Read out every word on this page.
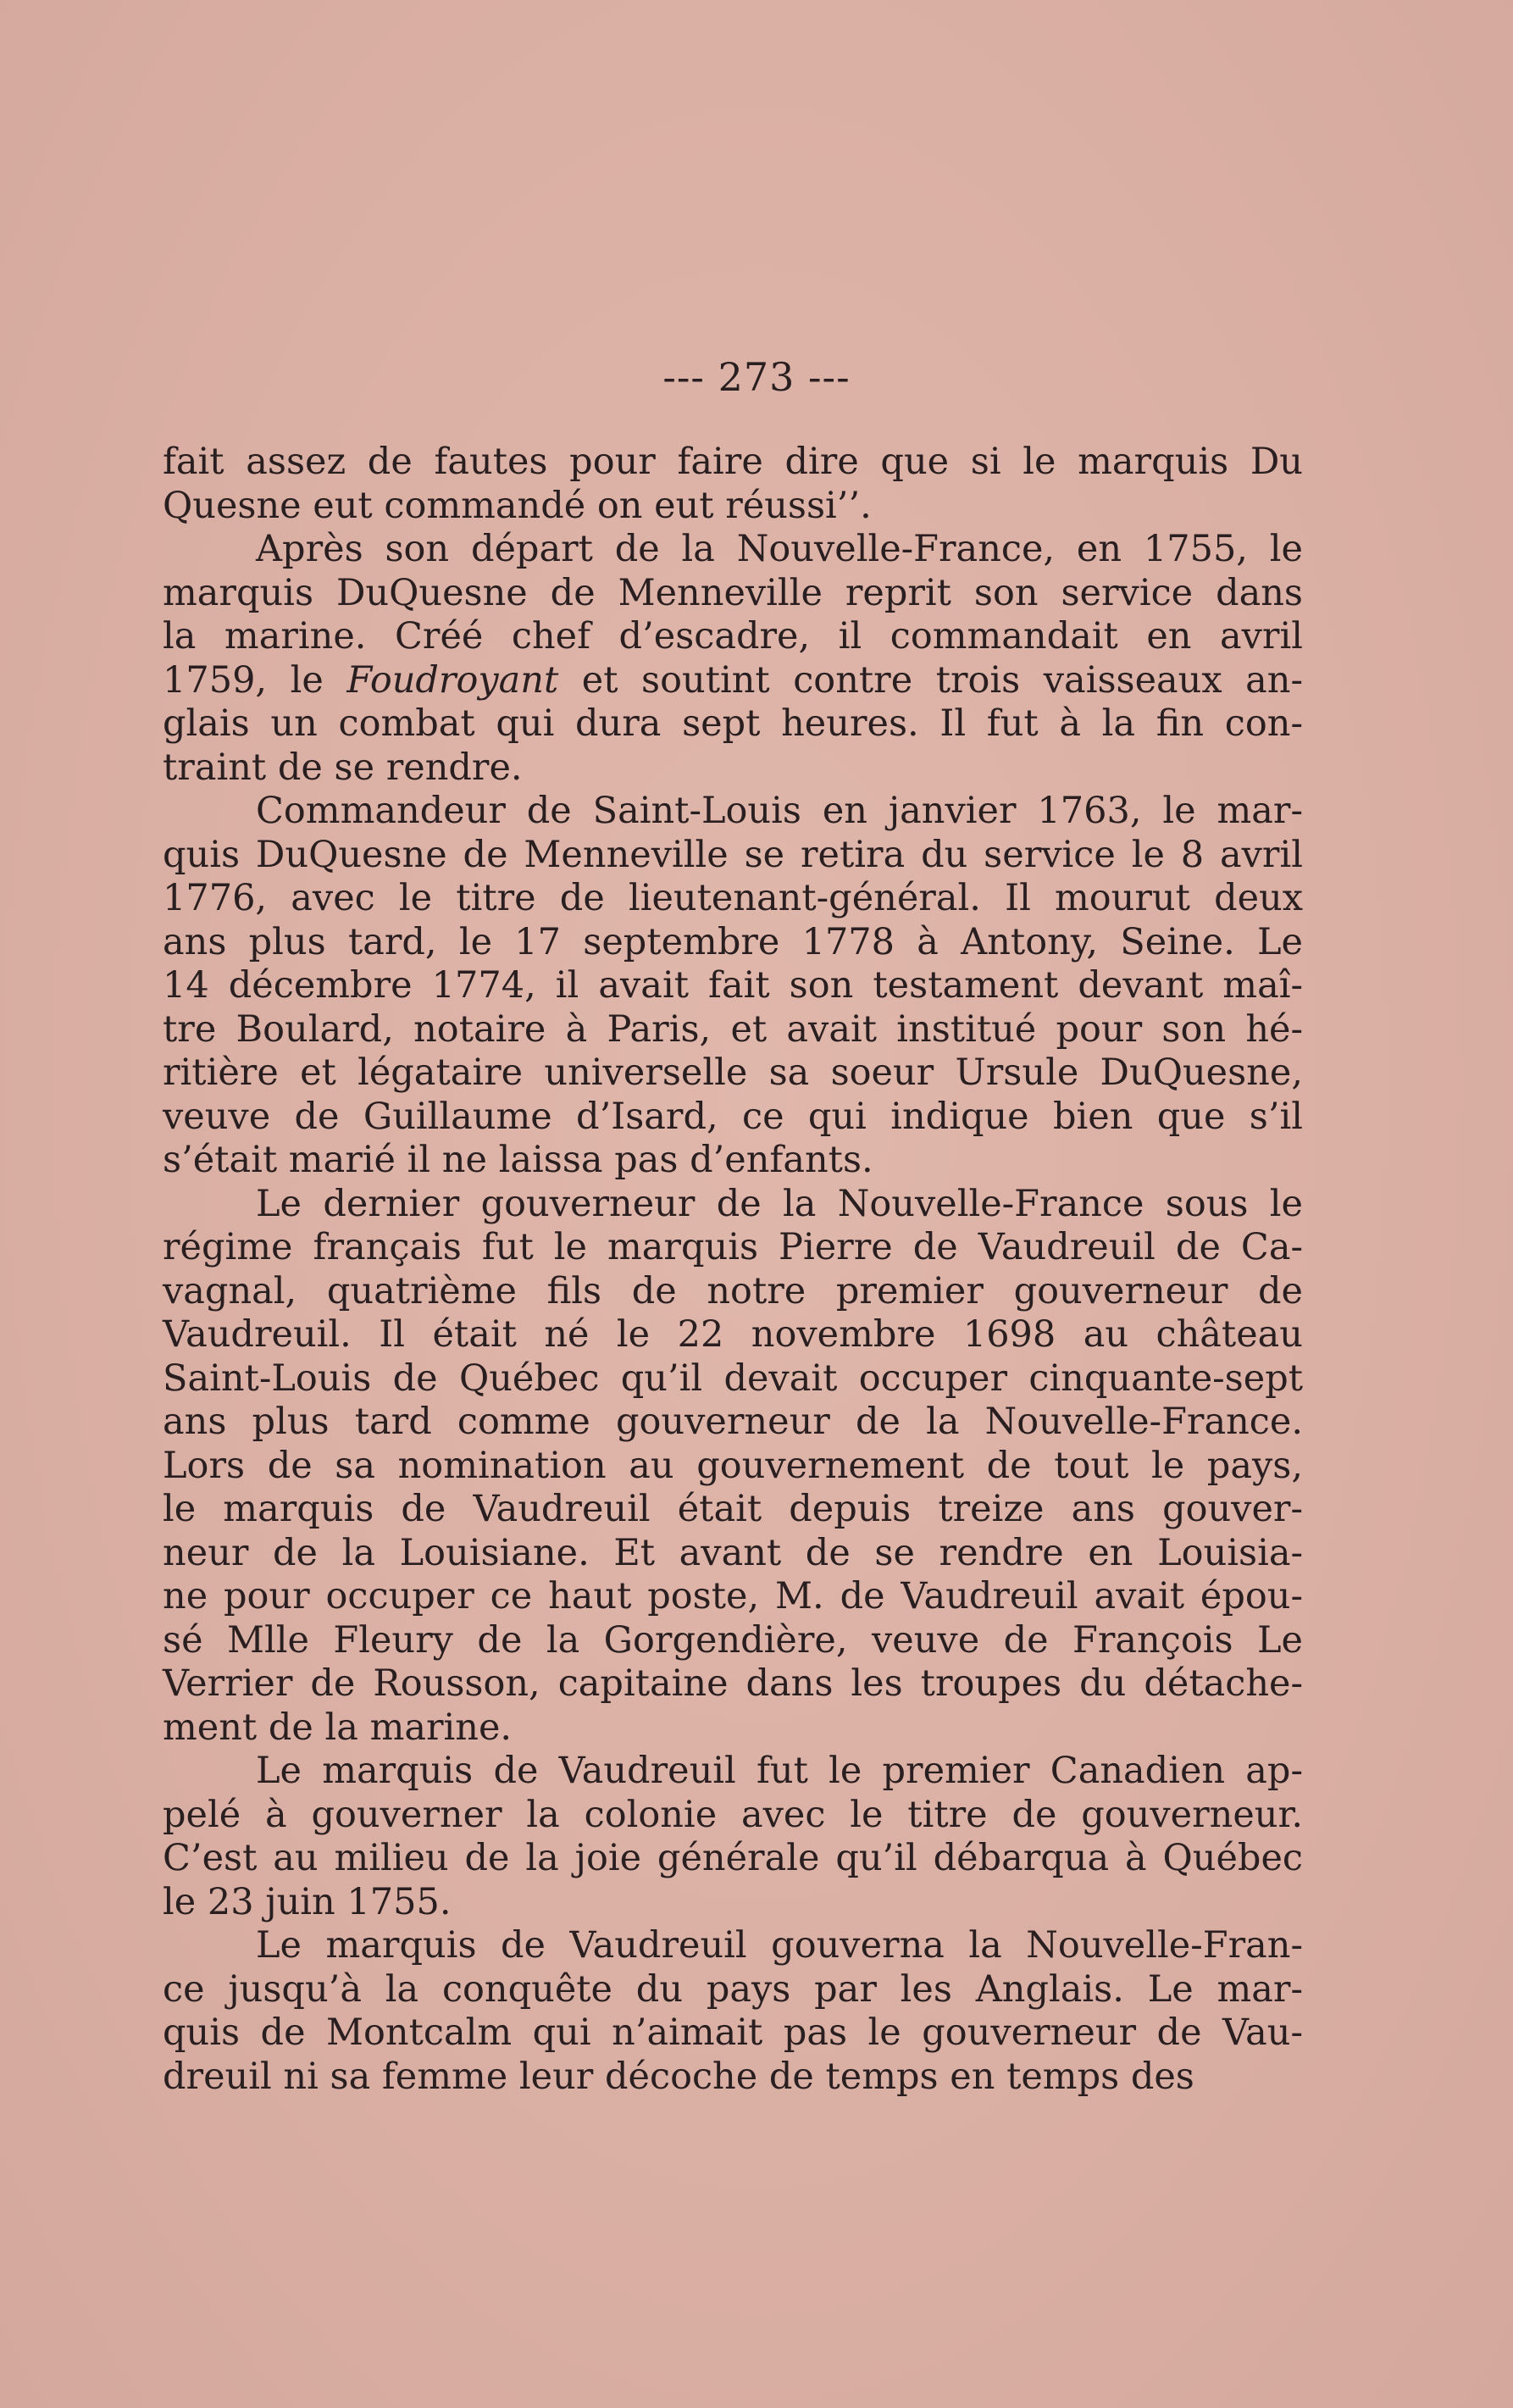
--- 273 ---
fait assez de fautes pour faire dire que si le marquis Du
Quesne eut commandé on eut réussi’’.
Après son départ de la Nouvelle-France, en 1755, le
marquis DuQuesne de Menneville reprit son service dans
la marine. Créé chef d’escadre, il commandait en avril
1759, le Foudroyant et soutint contre trois vaisseaux an-
glais un combat qui dura sept heures. Il fut à la fin con-
traint de se rendre.
Commandeur de Saint-Louis en janvier 1763, le mar-
quis DuQuesne de Menneville se retira du service le 8 avril
1776, avec le titre de lieutenant-général. Il mourut deux
ans plus tard, le 17 septembre 1778 à Antony, Seine. Le
14 décembre 1774, il avait fait son testament devant maî-
tre Boulard, notaire à Paris, et avait institué pour son hé-
ritière et légataire universelle sa soeur Ursule DuQuesne,
veuve de Guillaume d’Isard, ce qui indique bien que s’il
s’était marié il ne laissa pas d’enfants.
Le dernier gouverneur de la Nouvelle-France sous le
régime français fut le marquis Pierre de Vaudreuil de Ca-
vagnal, quatrième fils de notre premier gouverneur de
Vaudreuil. Il était né le 22 novembre 1698 au château
Saint-Louis de Québec qu’il devait occuper cinquante-sept
ans plus tard comme gouverneur de la Nouvelle-France.
Lors de sa nomination au gouvernement de tout le pays,
le marquis de Vaudreuil était depuis treize ans gouver-
neur de la Louisiane. Et avant de se rendre en Louisia-
ne pour occuper ce haut poste, M. de Vaudreuil avait épou-
sé Mlle Fleury de la Gorgendière, veuve de François Le
Verrier de Rousson, capitaine dans les troupes du détache-
ment de la marine.
Le marquis de Vaudreuil fut le premier Canadien ap-
pelé à gouverner la colonie avec le titre de gouverneur.
C’est au milieu de la joie générale qu’il débarqua à Québec
le 23 juin 1755.
Le marquis de Vaudreuil gouverna la Nouvelle-Fran-
ce jusqu’à la conquête du pays par les Anglais. Le mar-
quis de Montcalm qui n’aimait pas le gouverneur de Vau-
dreuil ni sa femme leur décoche de temps en temps des
